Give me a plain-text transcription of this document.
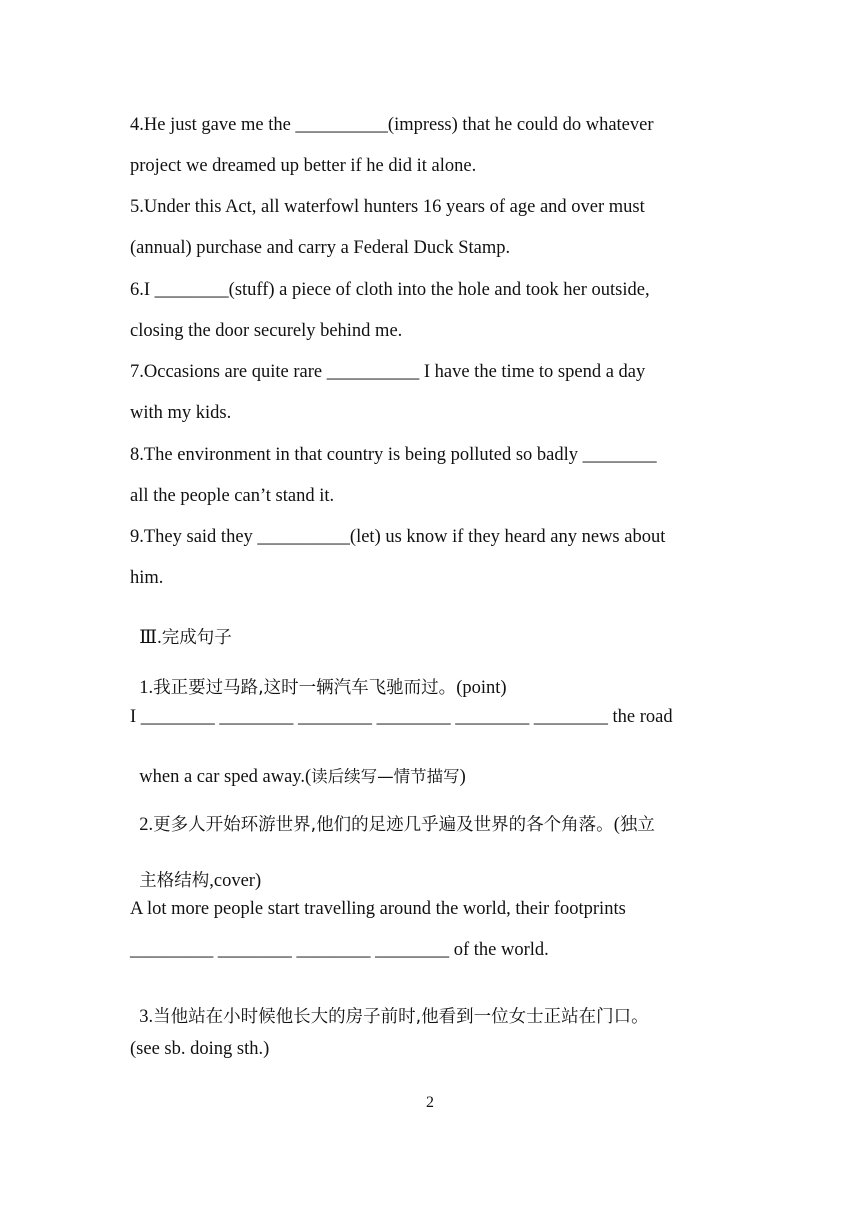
4.He just gave me the __________(impress) that he could do whatever
project we dreamed up better if he did it alone.
5.Under this Act, all waterfowl hunters 16 years of age and over must
(annual) purchase and carry a Federal Duck Stamp.
6.I ________(stuff) a piece of cloth into the hole and took her outside,
closing the door securely behind me.
7.Occasions are quite rare __________ I have the time to spend a day
with my kids.
8.The environment in that country is being polluted so badly ________
all the people can’t stand it.
9.They said they __________(let) us know if they heard any news about
him.

Ⅲ.完成句子

1.我正要过马路,这时一辆汽车飞驰而过。(point)

I ________ ________ ________ ________ ________ ________ the road

when a car sped away.(读后续写—情节描写)

2.更多人开始环游世界,他们的足迹几乎遍及世界的各个角落。(独立

主格结构,cover)

A lot more people start travelling around the world, their footprints
_________ ________ ________ ________ of the world.

3.当他站在小时候他长大的房子前时,他看到一位女士正站在门口。

(see sb. doing sth.)
2
